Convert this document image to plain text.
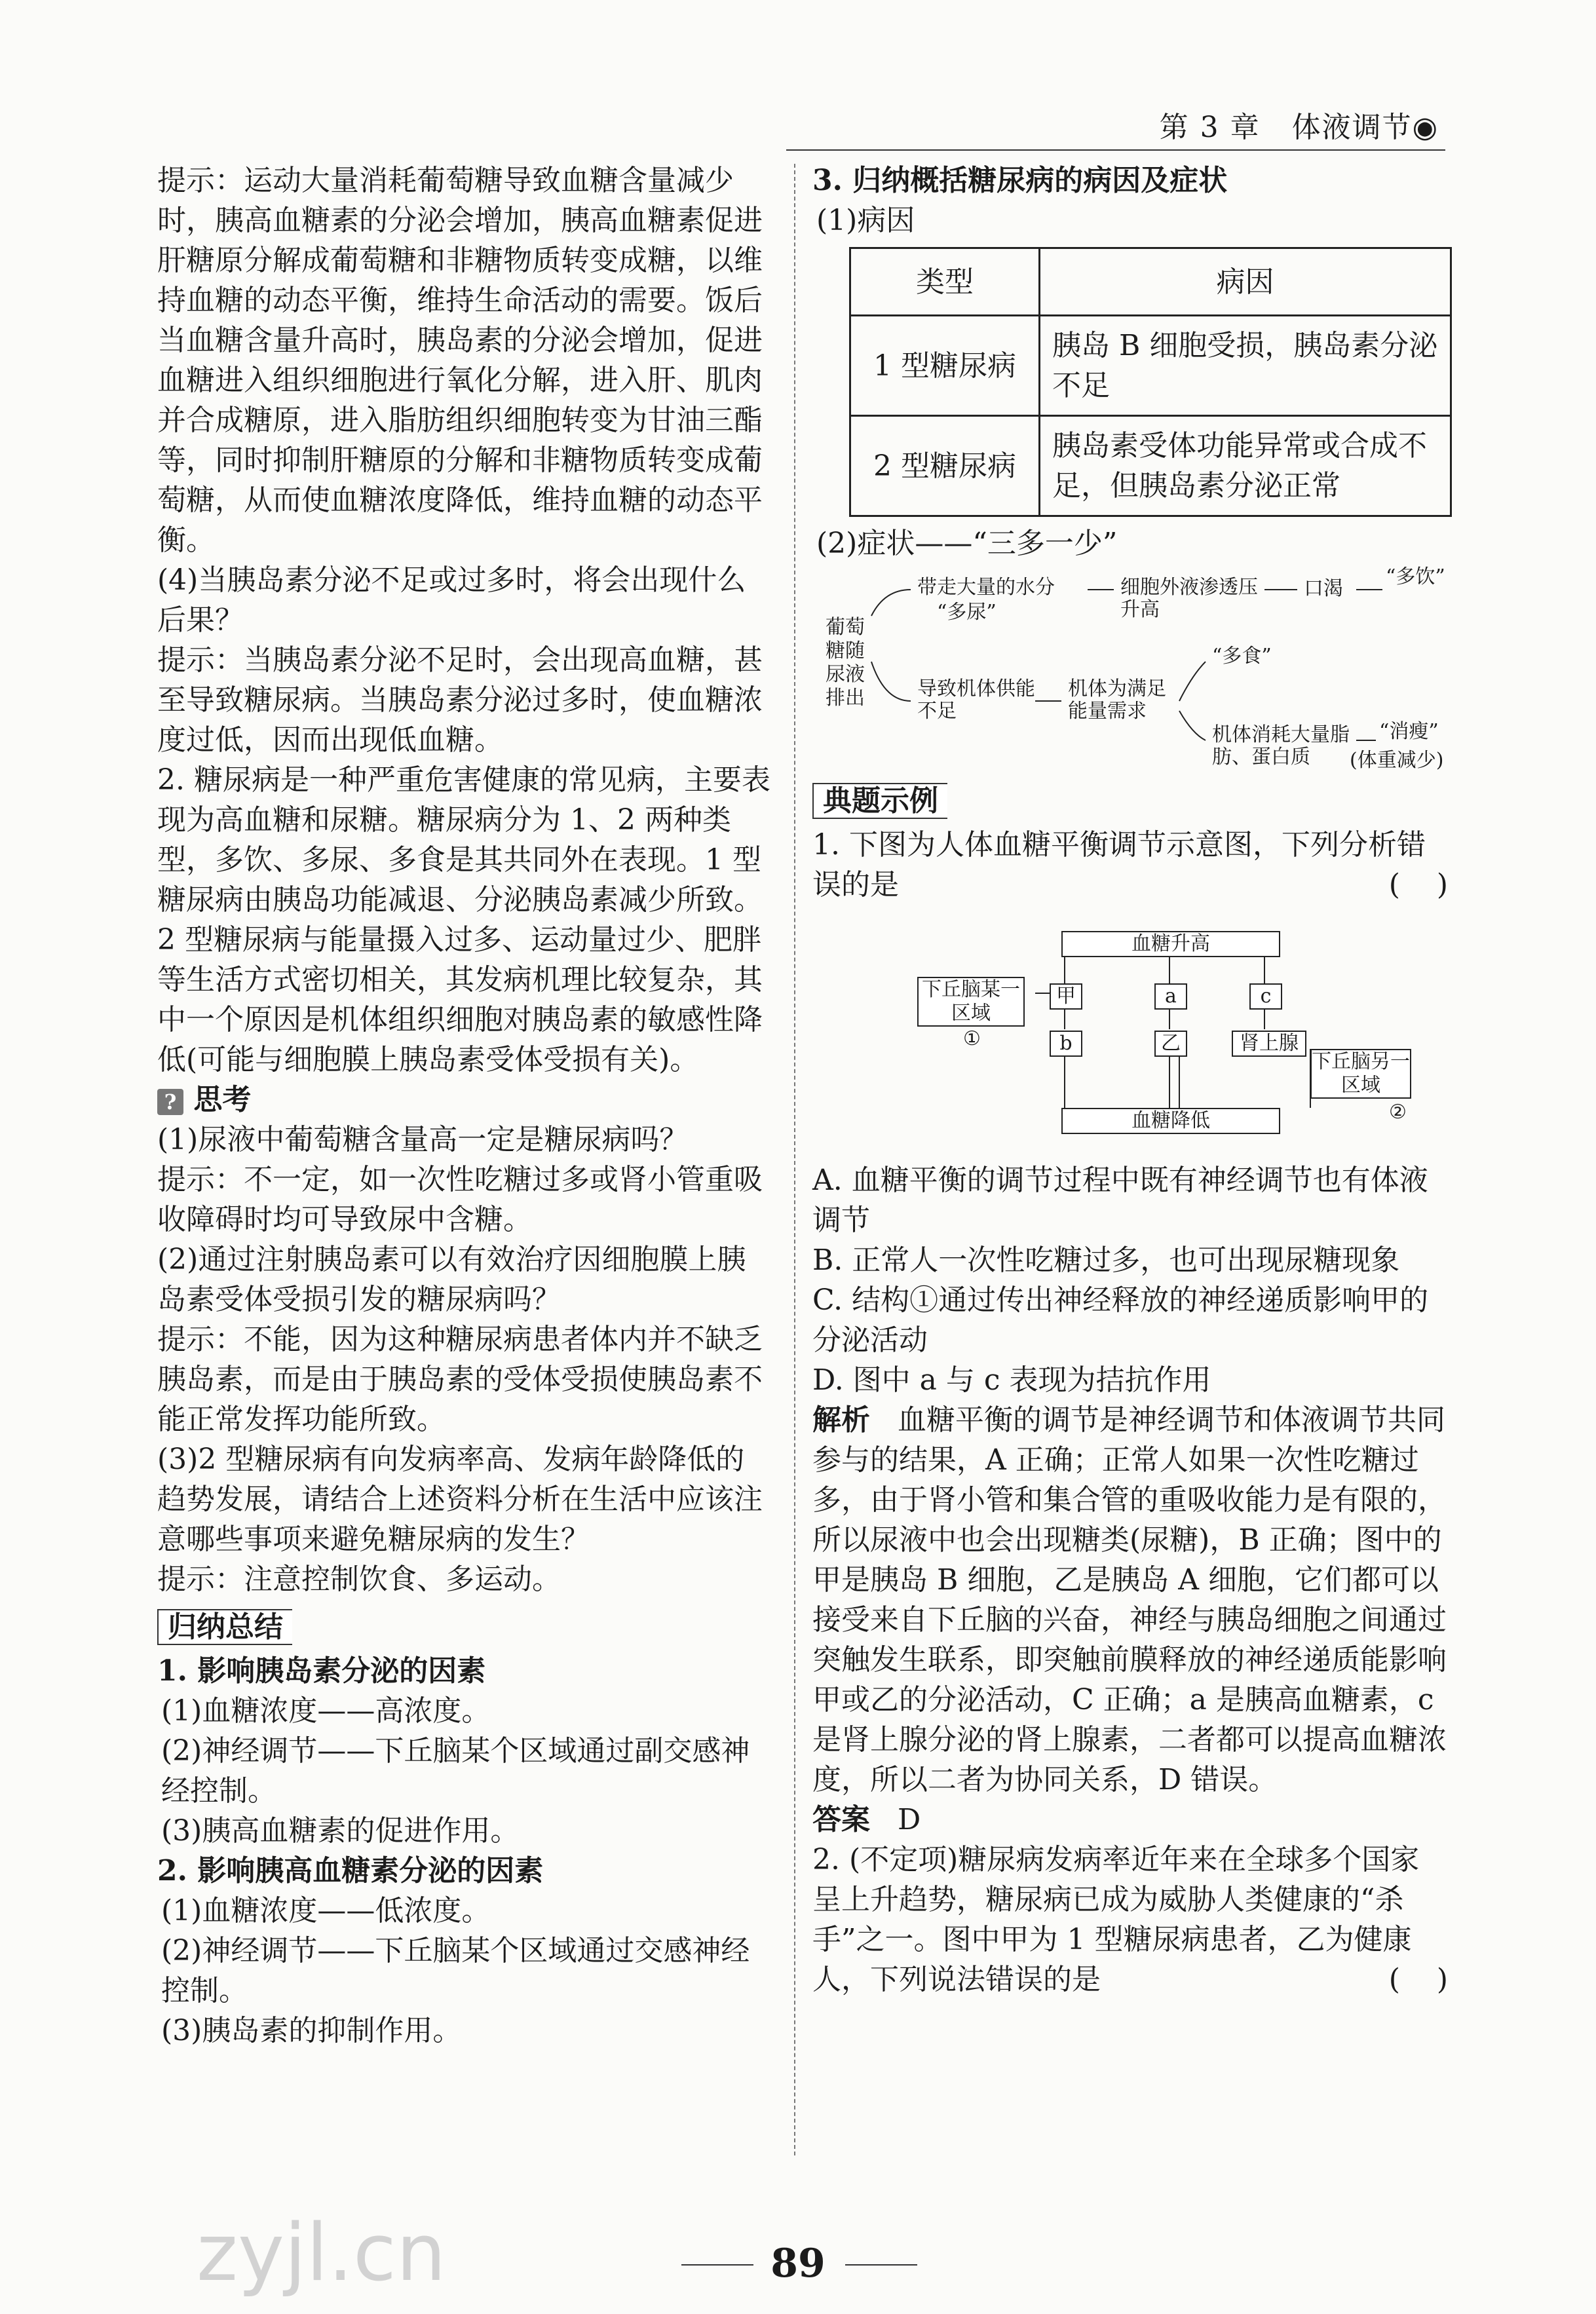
第 3 章 体液调节◉

提示：运动大量消耗葡萄糖导致血糖含量减少时，胰高血糖素的分泌会增加，胰高血糖素促进肝糖原分解成葡萄糖和非糖物质转变成糖，以维持血糖的动态平衡，维持生命活动的需要。饭后当血糖含量升高时，胰岛素的分泌会增加，促进血糖进入组织细胞进行氧化分解，进入肝、肌肉并合成糖原，进入脂肪组织细胞转变为甘油三酯等，同时抑制肝糖原的分解和非糖物质转变成葡萄糖，从而使血糖浓度降低，维持血糖的动态平衡。

(4)当胰岛素分泌不足或过多时，将会出现什么后果？

提示：当胰岛素分泌不足时，会出现高血糖，甚至导致糖尿病。当胰岛素分泌过多时，使血糖浓度过低，因而出现低血糖。

2. 糖尿病是一种严重危害健康的常见病，主要表现为高血糖和尿糖。糖尿病分为 1、2 两种类型，多饮、多尿、多食是其共同外在表现。1 型糖尿病由胰岛功能减退、分泌胰岛素减少所致。2 型糖尿病与能量摄入过多、运动量过少、肥胖等生活方式密切相关，其发病机理比较复杂，其中一个原因是机体组织细胞对胰岛素的敏感性降低(可能与细胞膜上胰岛素受体受损有关)。

? 思考

(1)尿液中葡萄糖含量高一定是糖尿病吗？

提示：不一定，如一次性吃糖过多或肾小管重吸收障碍时均可导致尿中含糖。

(2)通过注射胰岛素可以有效治疗因细胞膜上胰岛素受体受损引发的糖尿病吗？

提示：不能，因为这种糖尿病患者体内并不缺乏胰岛素，而是由于胰岛素的受体受损使胰岛素不能正常发挥功能所致。

(3)2 型糖尿病有向发病率高、发病年龄降低的趋势发展，请结合上述资料分析在生活中应该注意哪些事项来避免糖尿病的发生？

提示：注意控制饮食、多运动。

归纳总结

1. 影响胰岛素分泌的因素

(1)血糖浓度——高浓度。

(2)神经调节——下丘脑某个区域通过副交感神经控制。

(3)胰高血糖素的促进作用。

2. 影响胰高血糖素分泌的因素

(1)血糖浓度——低浓度。

(2)神经调节——下丘脑某个区域通过交感神经控制。

(3)胰岛素的抑制作用。

3. 归纳概括糖尿病的病因及症状

(1)病因

类型	病因
1 型糖尿病	胰岛 B 细胞受损，胰岛素分泌不足
2 型糖尿病	胰岛素受体功能异常或合成不足，但胰岛素分泌正常

(2)症状——“三多一少”

葡萄糖随尿液排出
带走大量的水分
“多尿”
细胞外液渗透压升高
口渴
“多饮”
导致机体供能不足
机体为满足能量需求
“多食”
机体消耗大量脂肪、蛋白质
“消瘦”
(体重减少)
典题示例

1. 下图为人体血糖平衡调节示意图，下列分析错误的是	(    )

血糖升高
下丘脑某一区域
①
甲	a	c
b	乙	肾上腺
下丘脑另一区域
②
血糖降低

A. 血糖平衡的调节过程中既有神经调节也有体液调节

B. 正常人一次性吃糖过多，也可出现尿糖现象

C. 结构①通过传出神经释放的神经递质影响甲的分泌活动

D. 图中 a 与 c 表现为拮抗作用

解析 血糖平衡的调节是神经调节和体液调节共同参与的结果，A 正确；正常人如果一次性吃糖过多，由于肾小管和集合管的重吸收能力是有限的，所以尿液中也会出现糖类(尿糖)，B 正确；图中的甲是胰岛 B 细胞，乙是胰岛 A 细胞，它们都可以接受来自下丘脑的兴奋，神经与胰岛细胞之间通过突触发生联系，即突触前膜释放的神经递质能影响甲或乙的分泌活动，C 正确；a 是胰高血糖素，c 是肾上腺分泌的肾上腺素，二者都可以提高血糖浓度，所以二者为协同关系，D 错误。

答案 D

2. (不定项)糖尿病发病率近年来在全球多个国家呈上升趋势，糖尿病已成为威胁人类健康的“杀手”之一。图中甲为 1 型糖尿病患者，乙为健康人，下列说法错误的是	(    )

89
zyjl.cn
